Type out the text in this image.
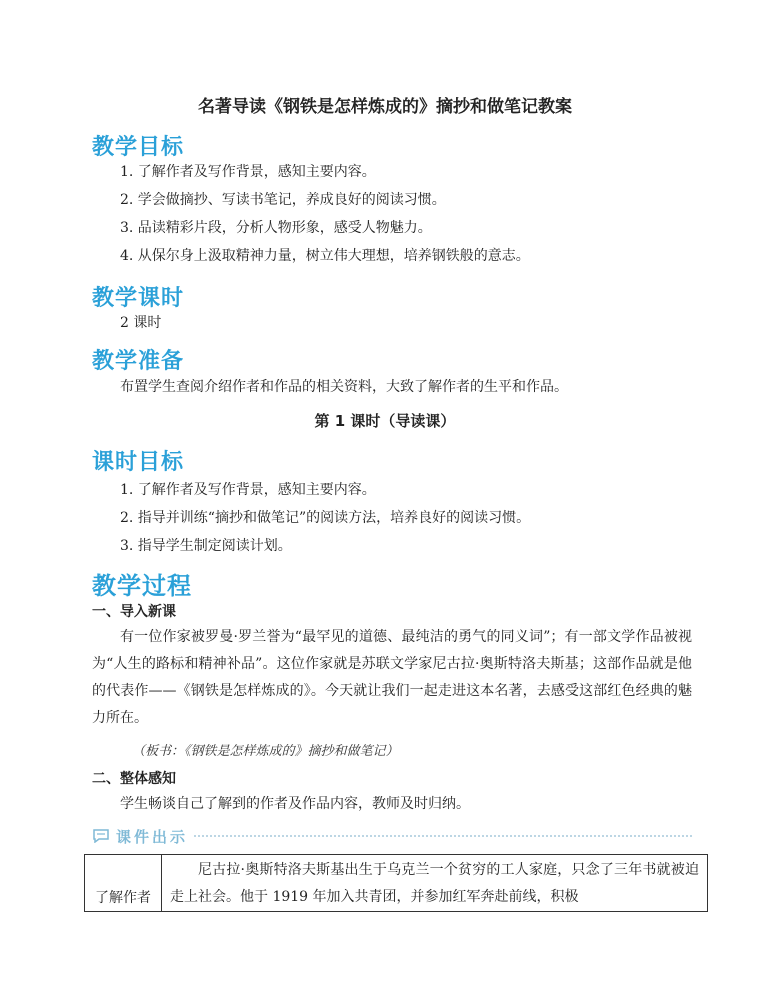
名著导读《钢铁是怎样炼成的》摘抄和做笔记教案
教学目标
1. 了解作者及写作背景，感知主要内容。
2. 学会做摘抄、写读书笔记，养成良好的阅读习惯。
3. 品读精彩片段，分析人物形象，感受人物魅力。
4. 从保尔身上汲取精神力量，树立伟大理想，培养钢铁般的意志。
教学课时
2 课时
教学准备
布置学生查阅介绍作者和作品的相关资料，大致了解作者的生平和作品。
第 1 课时（导读课）
课时目标
1. 了解作者及写作背景，感知主要内容。
2. 指导并训练“摘抄和做笔记”的阅读方法，培养良好的阅读习惯。
3. 指导学生制定阅读计划。
教学过程
一、导入新课
有一位作家被罗曼·罗兰誉为“最罕见的道德、最纯洁的勇气的同义词”；有一部文学作品被视为“人生的路标和精神补品”。这位作家就是苏联文学家尼古拉·奥斯特洛夫斯基；这部作品就是他的代表作——《钢铁是怎样炼成的》。今天就让我们一起走进这本名著，去感受这部红色经典的魅力所在。
（板书：《钢铁是怎样炼成的》摘抄和做笔记）
二、整体感知
学生畅谈自己了解到的作者及作品内容，教师及时归纳。
课件出示
了解作者	尼古拉·奥斯特洛夫斯基出生于乌克兰一个贫穷的工人家庭，只念了三年书就被迫走上社会。他于 1919 年加入共青团，并参加红军奔赴前线，积极
